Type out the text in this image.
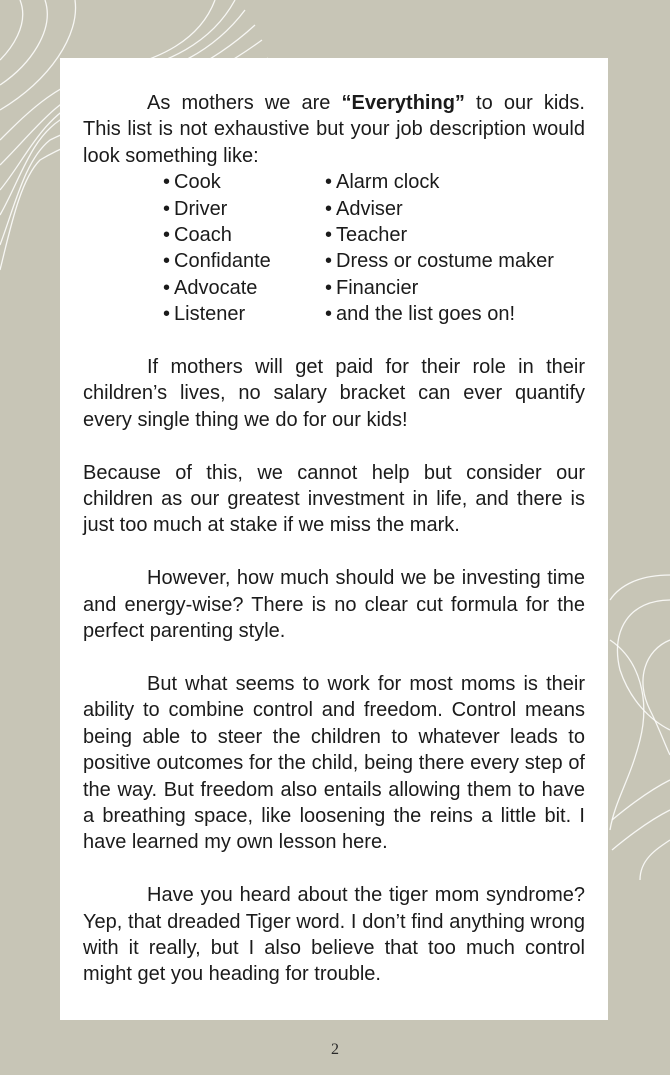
As mothers we are “Everything” to our kids. This list is not exhaustive but your job description would look something like:

• Cook
• Driver
• Coach
• Confidante
• Advocate
• Listener
• Alarm clock
• Adviser
• Teacher
• Dress or costume maker
• Financier
• and the list goes on!

If mothers will get paid for their role in their children’s lives, no salary bracket can ever quantify every single thing we do for our kids!

Because of this, we cannot help but consider our children as our greatest investment in life, and there is just too much at stake if we miss the mark.

However, how much should we be investing time and energy-wise? There is no clear cut formula for the perfect parenting style.

But what seems to work for most moms is their ability to combine control and freedom. Control means being able to steer the children to whatever leads to positive outcomes for the child, being there every step of the way. But freedom also entails allowing them to have a breathing space, like loosening the reins a little bit. I have learned my own lesson here.

Have you heard about the tiger mom syndrome? Yep, that dreaded Tiger word. I don’t find anything wrong with it really, but I also believe that too much control might get you heading for trouble.

2
